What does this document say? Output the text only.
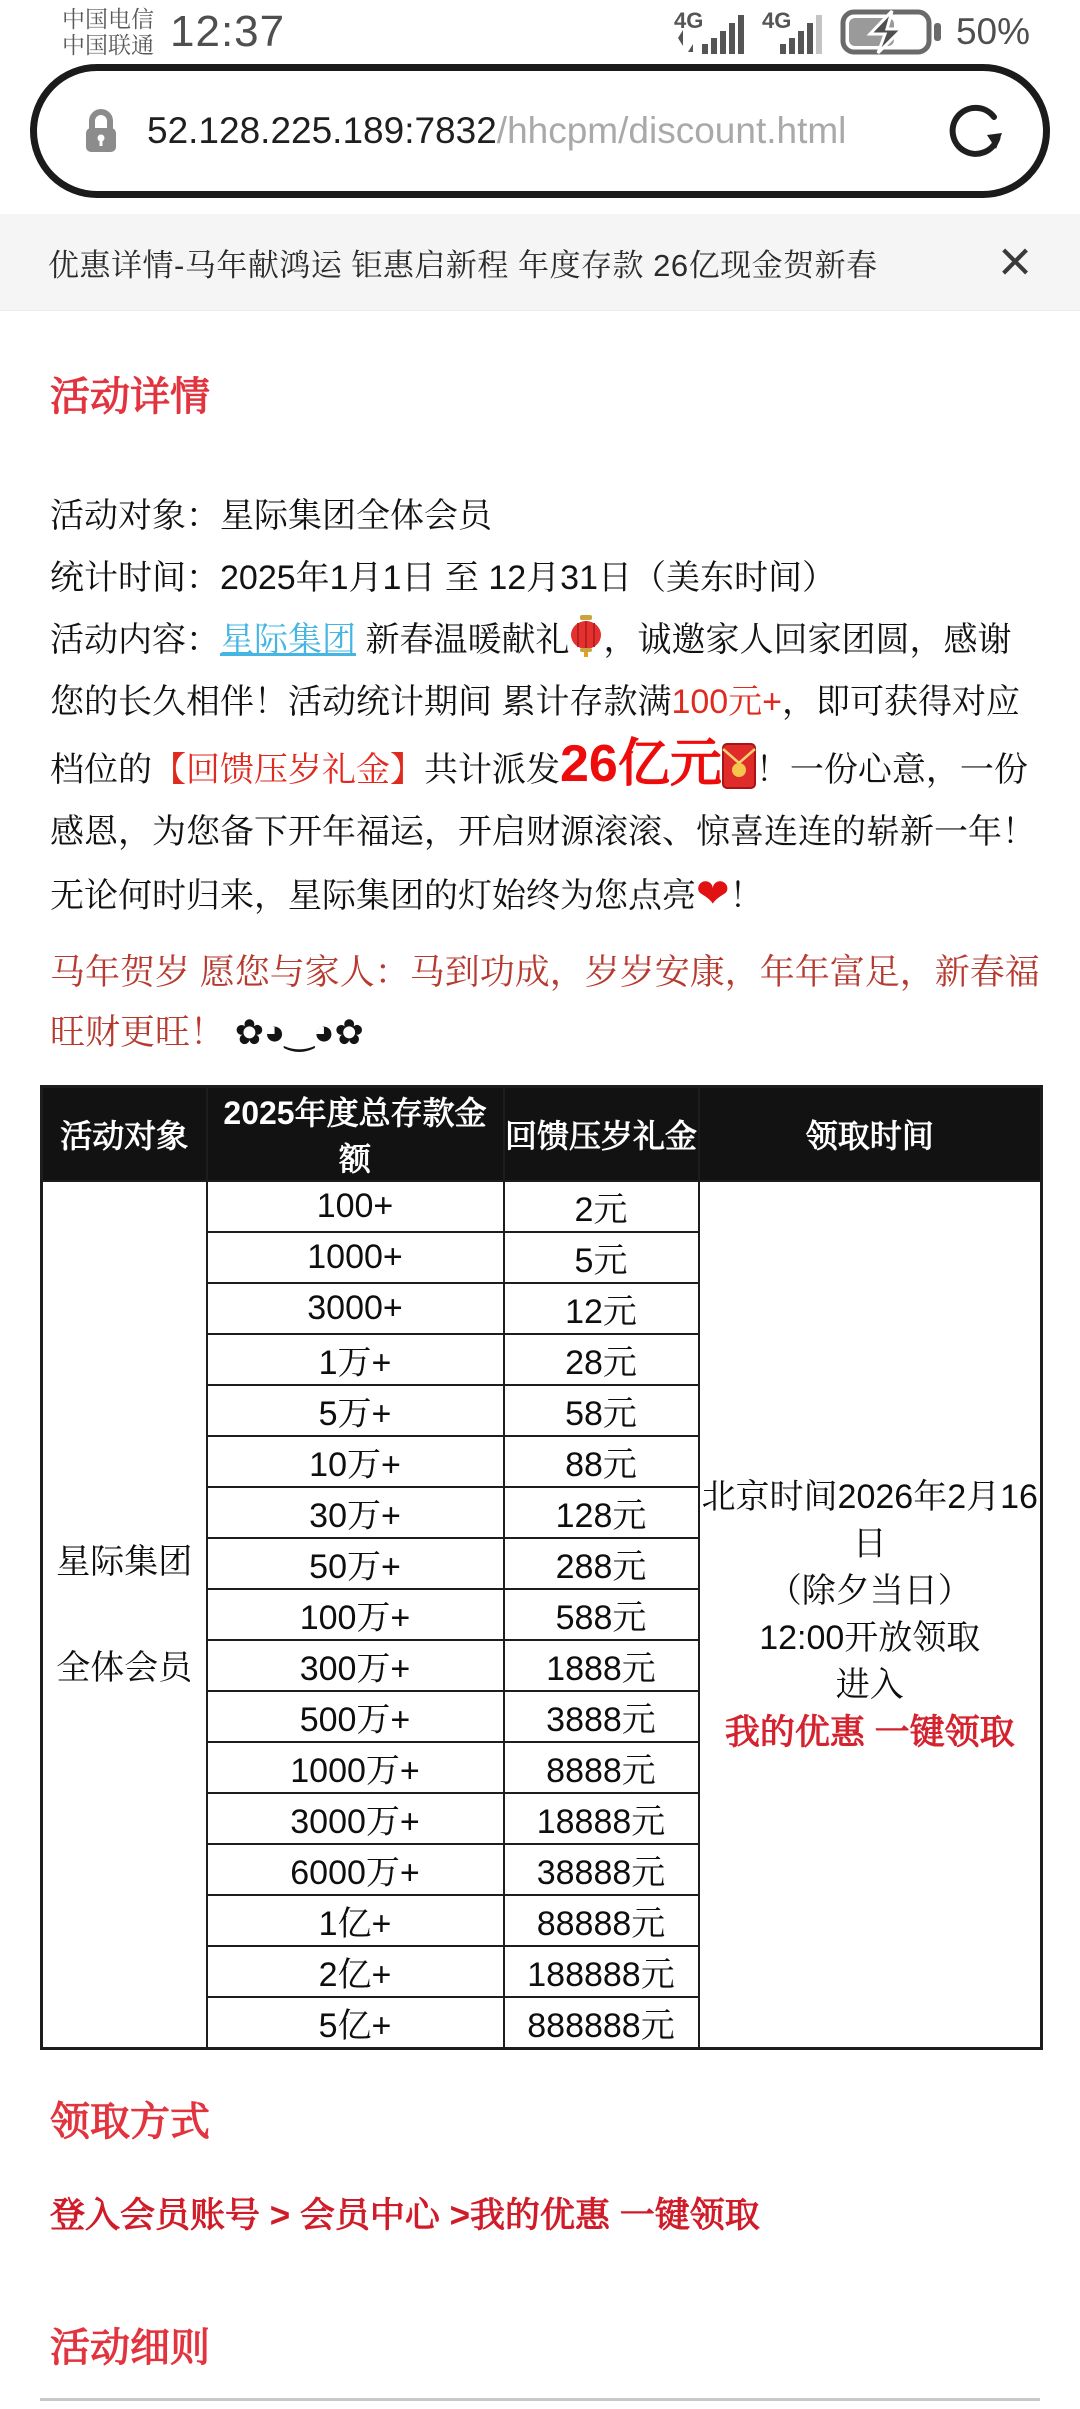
中国电信
中国联通 12:37	4G	4G	50%
52.128.225.189:7832/hhcpm/discount.html
优惠详情-马年献鸿运 钜惠启新程 年度存款 26亿现金贺新春 ×
活动详情
活动对象：星际集团全体会员
统计时间：2025年1月1日 至 12月31日（美东时间）
活动内容：星际集团 新春温暖献礼 ，诚邀家人回家团圆，感谢您的长久相伴！活动统计期间 累计存款满100元+，即可获得对应档位的【回馈压岁礼金】共计派发26亿元 ！一份心意，一份感恩，为您备下开年福运，开启财源滚滚、惊喜连连的崭新一年！无论何时归来，星际集团的灯始终为您点亮❤！
马年贺岁 愿您与家人：马到功成，岁岁安康，年年富足，新春福旺财更旺！ ✿◕‿◕✿
活动对象	2025年度总存款金额	回馈压岁礼金	领取时间

星际集团
全体会员
	100+	2元	
北京时间2026年2月16日
（除夕当日）
12:00开放领取
进入
我的优惠 一键领取

	1000+	5元	
	3000+	12元	
	1万+	28元	
	5万+	58元	
	10万+	88元	
	30万+	128元	
	50万+	288元	
	100万+	588元	
	300万+	1888元	
	500万+	3888元	
	1000万+	8888元	
	3000万+	18888元	
	6000万+	38888元	
	1亿+	88888元	
	2亿+	188888元	
	5亿+	888888元	
领取方式
登入会员账号 > 会员中心 >我的优惠 一键领取
活动细则
